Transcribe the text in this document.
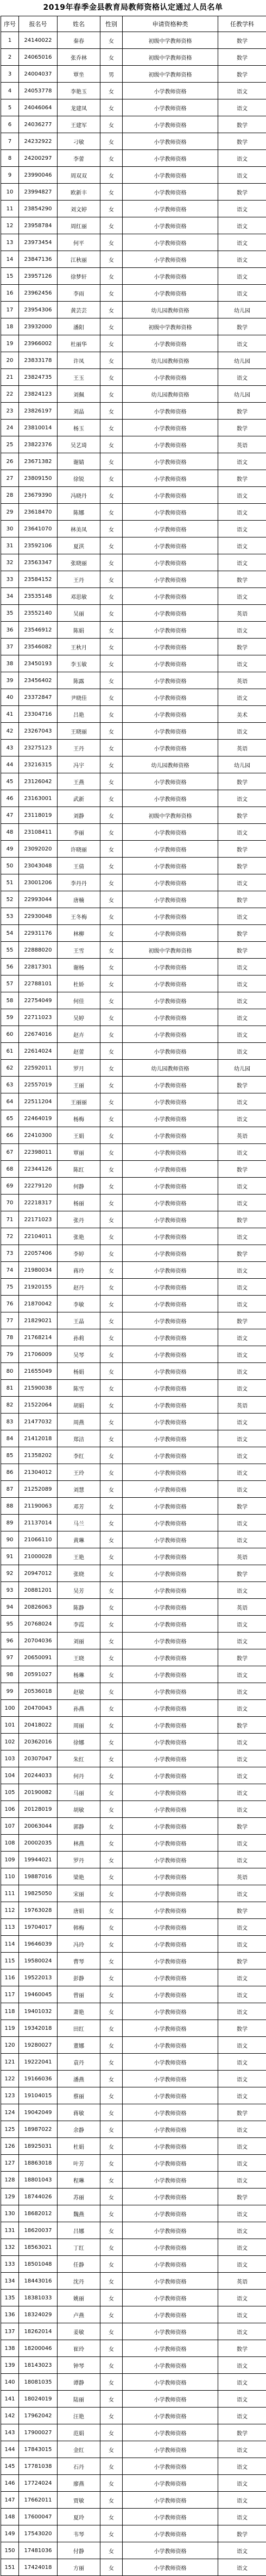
2019年春季金县教育局教师资格认定通过人员名单
序号	报名号	姓名	性别	申请资格种类	任教学科
1	24140022	秦春	女	初级中学教师资格	数学
2	24065016	张乔林	女	初级中学教师资格	数学
3	24004037	覃坐	男	初级中学教师资格	数学
4	24053778	李艳玉	女	小学教师资格	语文
5	24046064	龙建凤	女	小学教师资格	语文
6	24036277	王建军	女	小学教师资格	数学
7	24232922	刁敏	女	小学教师资格	数学
8	24200297	李蕾	女	小学教师资格	语文
9	23990046	周双双	女	小学教师资格	语文
10	23994827	欧新丰	女	小学教师资格	数学
11	23854290	刘文婷	女	小学教师资格	语文
12	23958784	周红丽	女	小学教师资格	语文
13	23973454	何平	女	小学教师资格	语文
14	23847136	江秋丽	女	小学教师资格	语文
15	23957126	徐梦轩	女	小学教师资格	语文
16	23962456	李雨	女	小学教师资格	语文
17	23954306	黄芸芸	女	幼儿园教师资格	幼儿园
18	23932000	潘阳	女	初级中学教师资格	数学
19	23966002	杜丽华	女	小学教师资格	语文
20	23833178	许凤	女	幼儿园教师资格	幼儿园
21	23824735	王玉	女	小学教师资格	语文
22	23824123	刘佩	女	幼儿园教师资格	幼儿园
23	23826197	刘晶	女	小学教师资格	数学
24	23810014	杨玉	女	小学教师资格	数学
25	23822376	吴艺琦	女	小学教师资格	英语
26	23671382	谢婧	女	小学教师资格	语文
27	23809150	徐锐	女	小学教师资格	数学
28	23679390	冯晓丹	女	小学教师资格	语文
29	23618470	陈娜	女	小学教师资格	语文
30	23641070	林美凤	女	小学教师资格	语文
31	23592106	夏淇	女	小学教师资格	语文
32	23563347	张晓丽	女	小学教师资格	语文
33	23584152	王丹	女	小学教师资格	数学
34	23535148	邓思敏	女	小学教师资格	语文
35	23552140	吴丽	女	小学教师资格	英语
36	23546912	陈娟	女	小学教师资格	语文
37	23546082	王秋月	女	小学教师资格	数学
38	23450193	李玉敏	女	小学教师资格	语文
39	23456402	陈露	女	小学教师资格	英语
40	23372847	尹晓佳	女	小学教师资格	语文
41	23304716	吕艳	女	小学教师资格	美术
42	23267043	王晓丽	女	小学教师资格	语文
43	23275123	王丹	女	小学教师资格	英语
44	23216315	冯宇	女	幼儿园教师资格	幼儿园
45	23126042	王燕	女	小学教师资格	数学
46	23163001	武新	女	小学教师资格	语文
47	23118019	刘静	女	初级中学教师资格	数学
48	23108411	李丽	女	小学教师资格	语文
49	23092020	许晓丽	女	小学教师资格	数学
50	23043048	王倩	女	小学教师资格	数学
51	23001206	李丹丹	女	小学教师资格	语文
52	22993044	唐楠	女	小学教师资格	数学
53	22930048	王冬梅	女	小学教师资格	语文
54	22931176	林柳	女	小学教师资格	数学
55	22888020	王雪	女	初级中学教师资格	数学
56	22817301	谢杨	女	小学教师资格	语文
57	22788101	杜娇	女	小学教师资格	语文
58	22754049	何佳	女	小学教师资格	语文
59	22711023	吴婷	女	小学教师资格	语文
60	22674016	赵卉	女	小学教师资格	语文
61	22614024	赵蕾	女	小学教师资格	语文
62	22592011	罗月	女	幼儿园教师资格	幼儿园
63	22557019	王丽	女	小学教师资格	数学
64	22511204	王丽丽	女	小学教师资格	语文
65	22464019	杨梅	女	小学教师资格	语文
66	22410300	王娟	女	小学教师资格	英语
67	22398011	覃丽	女	小学教师资格	语文
68	22344126	陈红	女	小学教师资格	数学
69	22279120	何静	女	小学教师资格	语文
70	22218317	杨丽	女	小学教师资格	语文
71	22171023	张丹	女	小学教师资格	数学
72	22104011	张艳	女	小学教师资格	语文
73	22057406	李婷	女	小学教师资格	数学
74	21980034	蒋玲	女	小学教师资格	语文
75	21920155	赵丹	女	小学教师资格	语文
76	21870042	李敏	女	小学教师资格	语文
77	21829021	王晶	女	小学教师资格	数学
78	21768214	孙莉	女	小学教师资格	语文
79	21706009	吴琴	女	小学教师资格	语文
80	21655049	杨娟	女	小学教师资格	语文
81	21590038	陈雪	女	小学教师资格	语文
82	21522064	胡娟	女	小学教师资格	英语
83	21477032	周燕	女	小学教师资格	语文
84	21412018	郑洁	女	小学教师资格	语文
85	21358202	李红	女	小学教师资格	语文
86	21304012	王玲	女	小学教师资格	语文
87	21252089	刘慧	女	小学教师资格	语文
88	21190063	邓芳	女	小学教师资格	数学
89	21137014	马兰	女	小学教师资格	语文
90	21066110	黄琳	女	小学教师资格	语文
91	21000028	王艳	女	小学教师资格	英语
92	20947012	张晓	女	小学教师资格	数学
93	20881201	吴芳	女	小学教师资格	语文
94	20826063	陈静	女	小学教师资格	英语
95	20768024	李霞	女	小学教师资格	语文
96	20704036	刘丽	女	小学教师资格	语文
97	20650091	王晓	女	小学教师资格	数学
98	20591027	杨琳	女	小学教师资格	语文
99	20536018	赵敏	女	小学教师资格	语文
100	20470043	孙燕	女	小学教师资格	语文
101	20418022	周丽	女	小学教师资格	数学
102	20362016	徐娜	女	小学教师资格	语文
103	20307047	朱红	女	小学教师资格	语文
104	20244033	何丹	女	小学教师资格	语文
105	20190082	马丽	女	小学教师资格	语文
106	20128019	胡敏	女	小学教师资格	语文
107	20063044	郭静	女	小学教师资格	数学
108	20002035	林燕	女	小学教师资格	语文
109	19944021	罗丹	女	小学教师资格	语文
110	19887016	梁艳	女	小学教师资格	英语
111	19825050	宋丽	女	小学教师资格	语文
112	19763028	唐娟	女	小学教师资格	数学
113	19704017	韩梅	女	小学教师资格	语文
114	19646039	冯玲	女	小学教师资格	语文
115	19580024	曹琴	女	小学教师资格	数学
116	19522013	彭静	女	小学教师资格	语文
117	19460045	曾丽	女	小学教师资格	语文
118	19401032	萧艳	女	小学教师资格	语文
119	19342018	田红	女	小学教师资格	数学
120	19280027	董娜	女	小学教师资格	语文
121	19222041	袁丹	女	小学教师资格	语文
122	19166036	潘燕	女	小学教师资格	语文
123	19104015	蔡丽	女	小学教师资格	语文
124	19042049	蒋敏	女	小学教师资格	数学
125	18987022	余静	女	小学教师资格	语文
126	18925031	杜娟	女	小学教师资格	语文
127	18863018	叶芳	女	小学教师资格	语文
128	18801043	程琳	女	小学教师资格	语文
129	18744026	苏丽	女	小学教师资格	数学
130	18682012	魏燕	女	小学教师资格	语文
131	18620037	吕娜	女	小学教师资格	语文
132	18563021	丁红	女	小学教师资格	语文
133	18501048	任静	女	小学教师资格	语文
134	18443016	沈丹	女	小学教师资格	英语
135	18381033	姚丽	女	小学教师资格	语文
136	18324029	卢燕	女	小学教师资格	语文
137	18262014	姜敏	女	小学教师资格	语文
138	18200046	崔玲	女	小学教师资格	数学
139	18143023	钟琴	女	小学教师资格	语文
140	18081035	谭静	女	小学教师资格	语文
141	18024019	陆丽	女	小学教师资格	语文
142	17962042	汪艳	女	小学教师资格	语文
143	17900027	范娟	女	小学教师资格	数学
144	17843015	金红	女	小学教师资格	语文
145	17781038	石丹	女	小学教师资格	语文
146	17724024	廖燕	女	小学教师资格	语文
147	17662011	贾敏	女	小学教师资格	语文
148	17600047	夏玲	女	小学教师资格	语文
149	17543020	韦琴	女	小学教师资格	数学
150	17481036	付静	女	小学教师资格	语文
151	17424018	方丽	女	小学教师资格	语文
